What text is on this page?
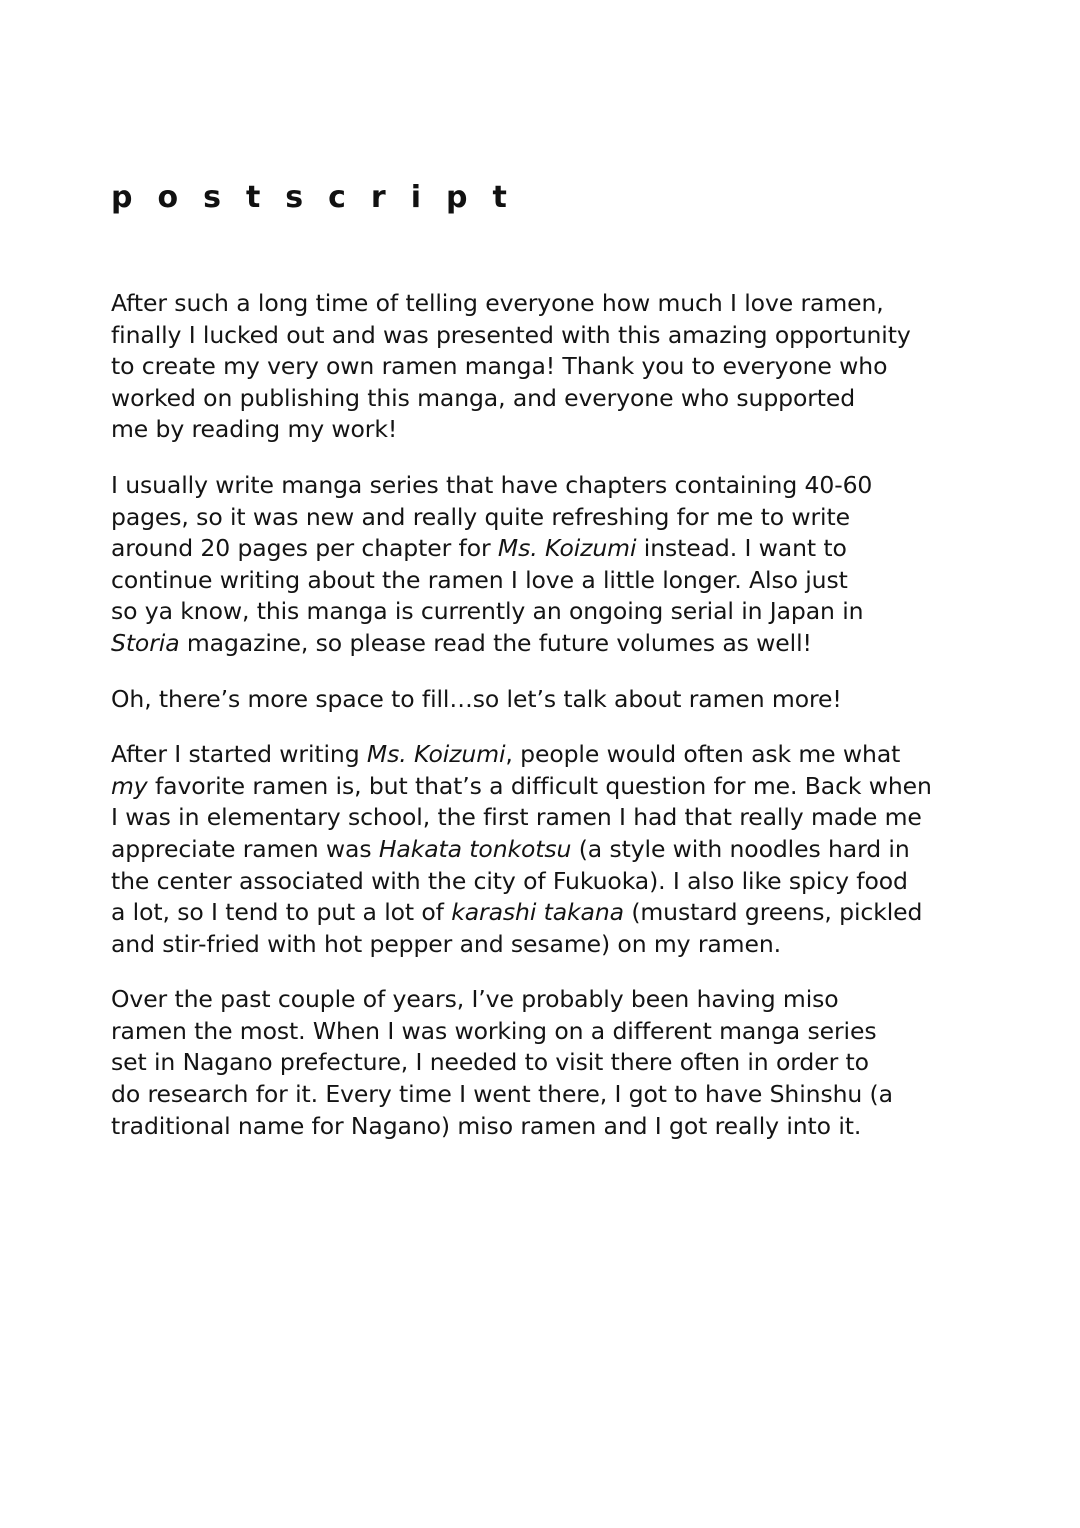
postscript

After such a long time of telling everyone how much I love ramen,
finally I lucked out and was presented with this amazing opportunity
to create my very own ramen manga! Thank you to everyone who
worked on publishing this manga, and everyone who supported
me by reading my work!

I usually write manga series that have chapters containing 40-60
pages, so it was new and really quite refreshing for me to write
around 20 pages per chapter for Ms. Koizumi instead. I want to
continue writing about the ramen I love a little longer. Also just
so ya know, this manga is currently an ongoing serial in Japan in
Storia magazine, so please read the future volumes as well!

Oh, there’s more space to fill…so let’s talk about ramen more!

After I started writing Ms. Koizumi, people would often ask me what
my favorite ramen is, but that’s a difficult question for me. Back when
I was in elementary school, the first ramen I had that really made me
appreciate ramen was Hakata tonkotsu (a style with noodles hard in
the center associated with the city of Fukuoka). I also like spicy food
a lot, so I tend to put a lot of karashi takana (mustard greens, pickled
and stir-fried with hot pepper and sesame) on my ramen.

Over the past couple of years, I’ve probably been having miso
ramen the most. When I was working on a different manga series
set in Nagano prefecture, I needed to visit there often in order to
do research for it. Every time I went there, I got to have Shinshu (a
traditional name for Nagano) miso ramen and I got really into it.
